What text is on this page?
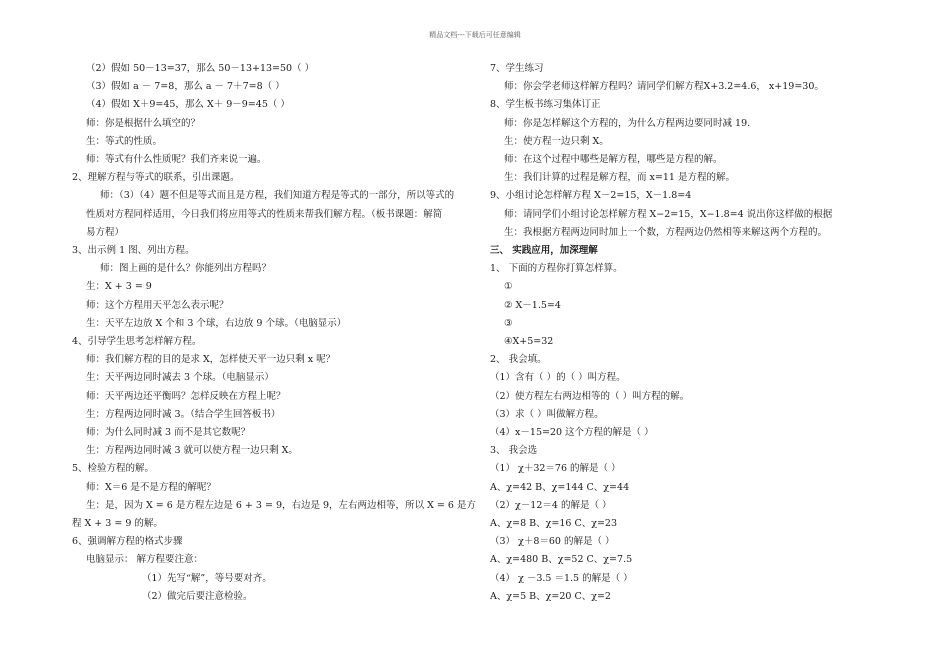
精品文档---下载后可任意编辑
（2）假如 50－13=37，那么 50－13+13=50（ ）
（3）假如 a － 7=8，那么 a － 7＋7=8（ ）
（4）假如 X＋9=45，那么 X＋ 9－9=45（ ）
师：你是根据什么填空的？
生：等式的性质。
师：等式有什么性质呢？我们齐来说一遍。
2、理解方程与等式的联系，引出课题。
师：（3）（4）题不但是等式而且是方程，我们知道方程是等式的一部分，所以等式的
性质对方程同样适用，今日我们将应用等式的性质来帮我们解方程。（板书课题：解简
易方程）
3、出示例 1 图、列出方程。
师：图上画的是什么？你能列出方程吗？
生：X + 3 = 9
师：这个方程用天平怎么表示呢？
生：天平左边放 X 个和 3 个球，右边放 9 个球。（电脑显示）
4、引导学生思考怎样解方程。
师：我们解方程的目的是求 X，怎样使天平一边只剩 x 呢？
生：天平两边同时减去 3 个球。（电脑显示）
师：天平两边还平衡吗？怎样反映在方程上呢？
生：方程两边同时减 3。（结合学生回答板书）
师：为什么同时减 3 而不是其它数呢？
生：方程两边同时减 3 就可以使方程一边只剩 X。
5、检验方程的解。
师：X＝6 是不是方程的解呢？
生：是，因为 X = 6 是方程左边是 6 + 3 = 9，右边是 9，左右两边相等，所以 X = 6 是方
程 X + 3 = 9 的解。
6、强调解方程的格式步骤
电脑显示： 解方程要注意：
（1）先写“解”，等号要对齐。
（2）做完后要注意检验。
7、学生练习
师：你会学老师这样解方程吗？请同学们解方程X+3.2=4.6， x+19=30。
8、学生板书练习集体订正
师：你是怎样解这个方程的，为什么方程两边要同时减 19.
生：使方程一边只剩 X。
师：在这个过程中哪些是解方程，哪些是方程的解。
生：我们计算的过程是解方程，而 x=11 是方程的解。
9、小组讨论怎样解方程 X－2=15，X－1.8=4
师：请同学们小组讨论怎样解方程 X−2=15，X−1.8=4 说出你这样做的根据
生：我根据方程两边同时加上一个数，方程两边仍然相等来解这两个方程的。
三、 实践应用，加深理解
1、 下面的方程你打算怎样算。
①
② X－1.5=4
③
④X+5=32
2、 我会填。
（1）含有（ ）的（ ）叫方程。
（2）使方程左右两边相等的（ ）叫方程的解。
（3）求（ ）叫做解方程。
（4）x－15=20 这个方程的解是（ ）
3、 我会选
（1） χ＋32＝76 的解是（ ）
A、χ=42 B、χ=144 C、χ=44
（2）χ－12＝4 的解是（ ）
A、χ=8 B、χ=16 C、χ=23
（3） χ＋8＝60 的解是（ ）
A、χ=480 B、χ=52 C、χ=7.5
（4） χ －3.5 ＝1.5 的解是（ ）
A、χ=5 B、χ=20 C、χ=2
